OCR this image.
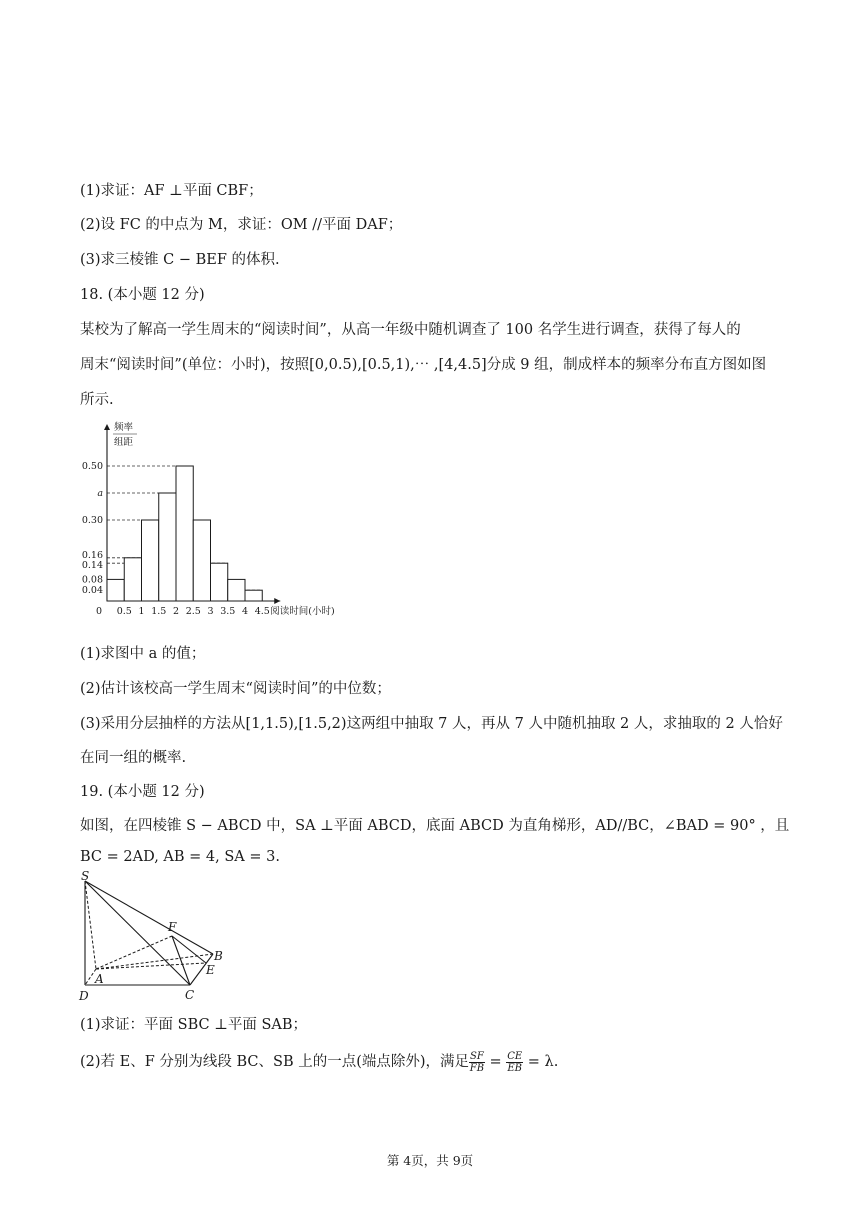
(1)求证：AF ⊥平面 CBF；
(2)设 FC 的中点为 M，求证：OM //平面 DAF；
(3)求三棱锥 C − BEF 的体积.
18. (本小题 12 分)
某校为了解高一学生周末的“阅读时间”，从高一年级中随机调查了 100 名学生进行调查，获得了每人的
周末“阅读时间”(单位：小时)，按照[0,0.5),[0.5,1),⋯ ,[4,4.5]分成 9 组，制成样本的频率分布直方图如图
所示.
0.04
0.08
0.14
0.16
0.30
a
0.50
0 0.5 1 1.5 2 2.5 3 3.5 4 4.5 阅读时间(小时)
频率
组距
(1)求图中 a 的值；
(2)估计该校高一学生周末“阅读时间”的中位数；
(3)采用分层抽样的方法从[1,1.5),[1.5,2)这两组中抽取 7 人，再从 7 人中随机抽取 2 人，求抽取的 2 人恰好
在同一组的概率.
19. (本小题 12 分)
如图，在四棱锥 S − ABCD 中，SA ⊥平面 ABCD，底面 ABCD 为直角梯形，AD//BC，∠BAD = 90° ，且
BC = 2AD, AB = 4, SA = 3.
S
F
B
E
A
D	C
(1)求证：平面 SBC ⊥平面 SAB；
(2)若 E、F 分别为线段 BC、SB 上的一点(端点除外)，满足 $\frac{SF}{FB} = \frac{CE}{EB} = \lambda$.
第 4页，共 9页
